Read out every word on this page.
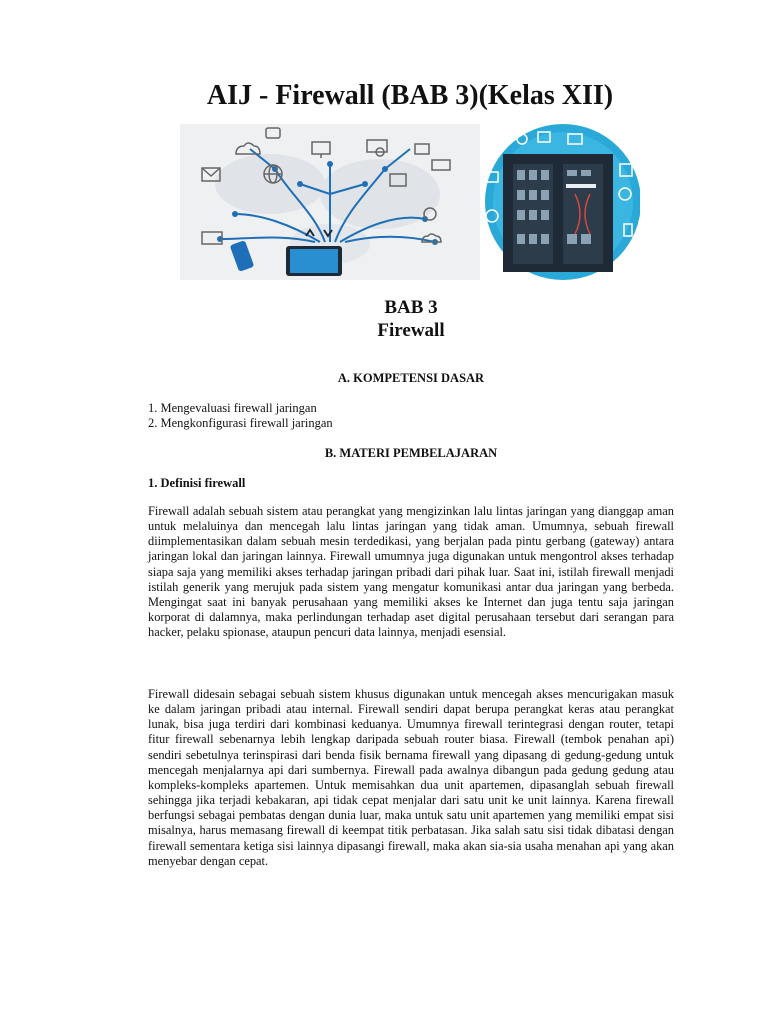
AIJ - Firewall (BAB 3)(Kelas XII)
BAB 3
Firewall
A. KOMPETENSI DASAR
1. Mengevaluasi firewall jaringan
2. Mengkonfigurasi firewall jaringan
B. MATERI PEMBELAJARAN
1. Definisi firewall

Firewall adalah sebuah sistem atau perangkat yang mengizinkan lalu lintas jaringan yang dianggap aman untuk melaluinya dan mencegah lalu lintas jaringan yang tidak aman. Umumnya, sebuah firewall diimplementasikan dalam sebuah mesin terdedikasi, yang berjalan pada pintu gerbang (gateway) antara jaringan lokal dan jaringan lainnya. Firewall umumnya juga digunakan untuk mengontrol akses terhadap siapa saja yang memiliki akses terhadap jaringan pribadi dari pihak luar. Saat ini, istilah firewall menjadi istilah generik yang merujuk pada sistem yang mengatur komunikasi antar dua jaringan yang berbeda. Mengingat saat ini banyak perusahaan yang memiliki akses ke Internet dan juga tentu saja jaringan korporat di dalamnya, maka perlindungan terhadap aset digital perusahaan tersebut dari serangan para hacker, pelaku spionase, ataupun pencuri data lainnya, menjadi esensial.

Firewall didesain sebagai sebuah sistem khusus digunakan untuk mencegah akses mencurigakan masuk ke dalam jaringan pribadi atau internal. Firewall sendiri dapat berupa perangkat keras atau perangkat lunak, bisa juga terdiri dari kombinasi keduanya. Umumnya firewall terintegrasi dengan router, tetapi fitur firewall sebenarnya lebih lengkap daripada sebuah router biasa. Firewall (tembok penahan api) sendiri sebetulnya terinspirasi dari benda fisik bernama firewall yang dipasang di gedung-gedung untuk mencegah menjalarnya api dari sumbernya. Firewall pada awalnya dibangun pada gedung gedung atau kompleks-kompleks apartemen. Untuk memisahkan dua unit apartemen, dipasanglah sebuah firewall sehingga jika terjadi kebakaran, api tidak cepat menjalar dari satu unit ke unit lainnya. Karena firewall berfungsi sebagai pembatas dengan dunia luar, maka untuk satu unit apartemen yang memiliki empat sisi misalnya, harus memasang firewall di keempat titik perbatasan. Jika salah satu sisi tidak dibatasi dengan firewall sementara ketiga sisi lainnya dipasangi firewall, maka akan sia-sia usaha menahan api yang akan menyebar dengan cepat.
